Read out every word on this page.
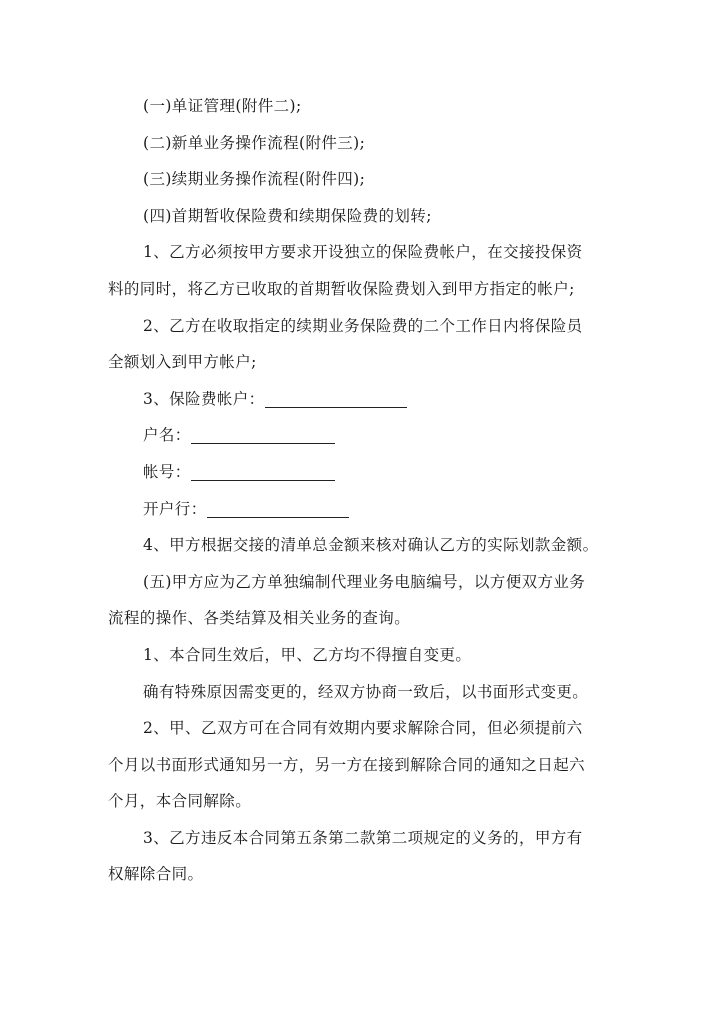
(一)单证管理(附件二);
(二)新单业务操作流程(附件三);
(三)续期业务操作流程(附件四);
(四)首期暂收保险费和续期保险费的划转;
1、乙方必须按甲方要求开设独立的保险费帐户，在交接投保资
料的同时，将乙方已收取的首期暂收保险费划入到甲方指定的帐户;
2、乙方在收取指定的续期业务保险费的二个工作日内将保险员
全额划入到甲方帐户;
3、保险费帐户：
户名：
帐号：
开户行：
4、甲方根据交接的清单总金额来核对确认乙方的实际划款金额。
(五)甲方应为乙方单独编制代理业务电脑编号，以方便双方业务
流程的操作、各类结算及相关业务的查询。
1、本合同生效后，甲、乙方均不得擅自变更。
确有特殊原因需变更的，经双方协商一致后，以书面形式变更。
2、甲、乙双方可在合同有效期内要求解除合同，但必须提前六
个月以书面形式通知另一方，另一方在接到解除合同的通知之日起六
个月，本合同解除。
3、乙方违反本合同第五条第二款第二项规定的义务的，甲方有
权解除合同。
